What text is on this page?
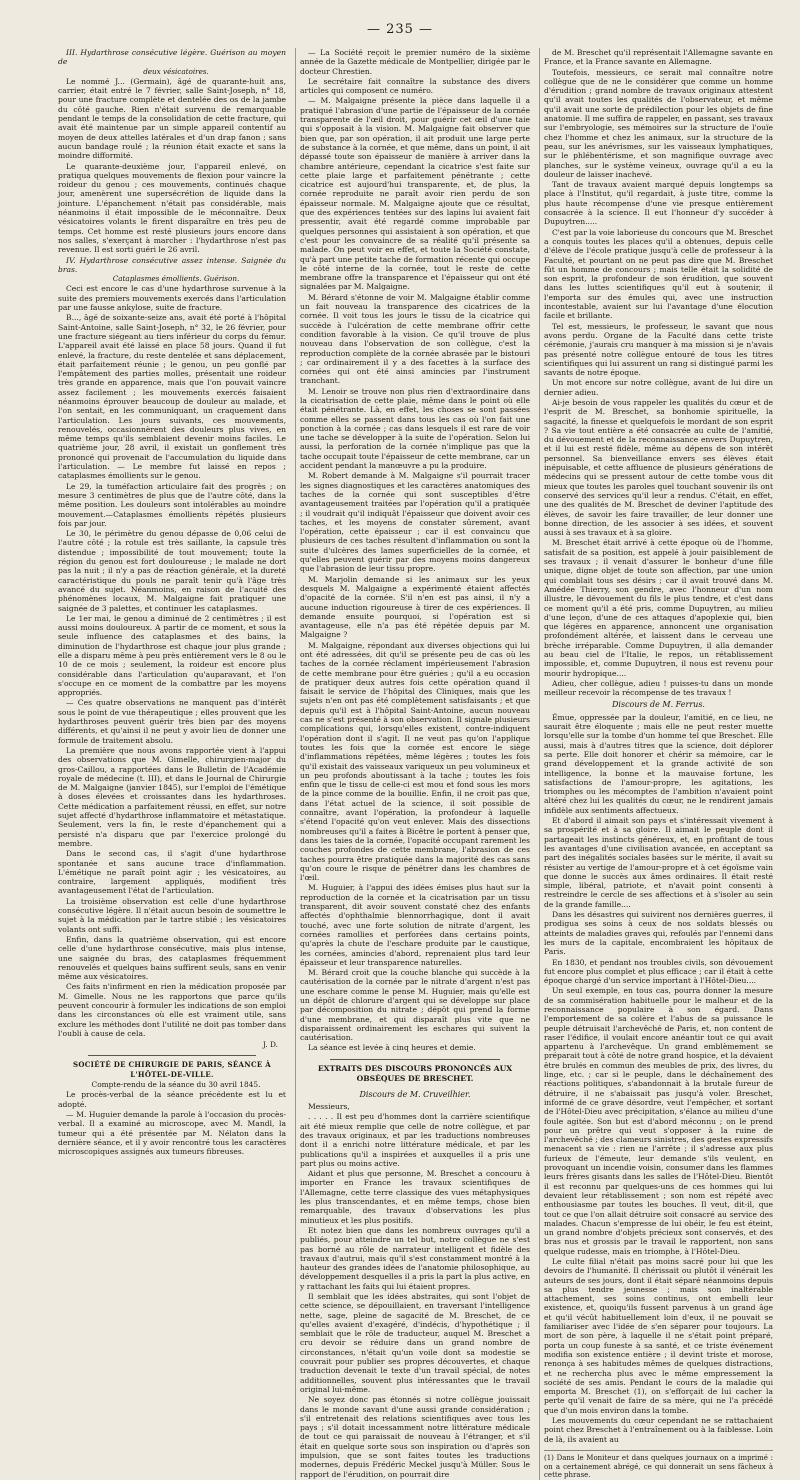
— 235 —

III. Hydarthrose consécutive légère. Guérison au moyen de
deux vésicatoires.

Le nommé J... (Germain), âgé de quarante-huit ans, carrier, était entré le 7 février, salle Saint-Joseph, n° 18, pour une fracture complète et dentelée des os de la jambe du côté gauche. Rien n'était survenu de remarquable pendant le temps de la consolidation de cette fracture, qui avait été maintenue par un simple appareil contentif au moyen de deux attelles latérales et d'un drap fanon ; sans aucun bandage roulé ; la réunion était exacte et sans la moindre difformité.

Le quarante-deuxième jour, l'appareil enlevé, on pratiqua quelques mouvements de flexion pour vaincre la roideur du genou ; ces mouvements, continués chaque jour, amenèrent une supersécrétion de liquide dans la jointure. L'épanchement n'était pas considérable, mais néanmoins il était impossible de le méconnaître. Deux vésicatoires volants le firent disparaître en très peu de temps. Cet homme est resté plusieurs jours encore dans nos salles, s'exerçant à marcher : l'hydarthrose n'est pas revenue. Il est sorti guéri le 26 avril.

IV. Hydarthrose consécutive assez intense. Saignée du bras.
Cataplasmes émollients. Guérison.

Ceci est encore le cas d'une hydarthrose survenue à la suite des premiers mouvements exercés dans l'articulation par une fausse ankylose, suite de fracture.

B..., âgé de soixante-seize ans, avait été porté à l'hôpital Saint-Antoine, salle Saint-Joseph, n° 32, le 26 février, pour une fracture siégeant au tiers inférieur du corps du fémur. L'appareil avait été laissé en place 58 jours. Quand il fut enlevé, la fracture, du reste dentelée et sans déplacement, était parfaitement réunie ; le genou, un peu gonflé par l'empâtement des parties molles, présentait une roideur très grande en apparence, mais que l'on pouvait vaincre assez facilement ; les mouvements exercés faisaient néanmoins éprouver beaucoup de douleur au malade, et l'on sentait, en les communiquant, un craquement dans l'articulation. Les jours suivants, ces mouvements, renouvelés, occasionnèrent des douleurs plus vives, en même temps qu'ils semblaient devenir moins faciles. Le quatrième jour, 28 avril, il existait un gonflement très prononcé qui provenait de l'accumulation du liquide dans l'articulation. — Le membre fut laissé en repos ; cataplasmes émollients sur le genou.

Le 29, la tuméfaction articulaire fait des progrès ; on mesure 3 centimètres de plus que de l'autre côté, dans la même position. Les douleurs sont intolérables au moindre mouvement.—Cataplasmes émollients répétés plusieurs fois par jour.

Le 30, le périmètre du genou dépasse de 0,06 celui de l'autre côté ; la rotule est très saillante, la capsule très distendue ; impossibilité de tout mouvement; toute la région du genou est fort douloureuse ; le malade ne dort pas la nuit ; il n'y a pas de réaction générale, et la dureté caractéristique du pouls ne paraît tenir qu'à l'âge très avancé du sujet. Néanmoins, en raison de l'acuité des phénomènes locaux, M. Malgaigne fait pratiquer une saignée de 3 palettes, et continuer les cataplasmes.

Le 1er mai, le genou a diminué de 2 centimètres ; il est aussi moins douloureux. A partir de ce moment, et sous la seule influence des cataplasmes et des bains, la diminution de l'hydarthrose est chaque jour plus grande ; elle a disparu même à peu près entièrement vers le 8 ou le 10 de ce mois ; seulement, la roideur est encore plus considérable dans l'articulation qu'auparavant, et l'on s'occupe en ce moment de la combattre par les moyens appropriés.

— Ces quatre observations ne manquent pas d'intérêt sous le point de vue thérapeutique ; elles prouvent que les hydarthroses peuvent guérir très bien par des moyens différents, et qu'ainsi il ne peut y avoir lieu de donner une formule de traitement absolu.

La première que nous avons rapportée vient à l'appui des observations que M. Gimelle, chirurgien-major du gros-Caillou, a rapportées dans le Bulletin de l'Académie royale de médecine (t. III), et dans le Journal de Chirurgie de M. Malgaigne (janvier 1845), sur l'emploi de l'émétique à doses élevées et croissantes dans les hydarthroses. Cette médication a parfaitement réussi, en effet, sur notre sujet affecté d'hydarthrose inflammatoire et métastatique. Seulement, vers la fin, le reste d'épanchement qui a persisté n'a disparu que par l'exercice prolongé du membre.

Dans le second cas, il s'agit d'une hydarthrose spontanée et sans aucune trace d'inflammation. L'émétique ne paraît point agir ; les vésicatoires, au contraire, largement appliqués, modifient très avantageusement l'état de l'articulation.

La troisième observation est celle d'une hydarthrose consécutive légère. Il n'était aucun besoin de soumettre le sujet à la médication par le tartre stibié ; les vésicatoires volants ont suffi.

Enfin, dans la quatrième observation, qui est encore celle d'une hydarthrose consécutive, mais plus intense, une saignée du bras, des cataplasmes fréquemment renouvelés et quelques bains suffirent seuls, sans en venir même aux vésicatoires.

Ces faits n'infirment en rien la médication proposée par M. Gimelle. Nous ne les rapportons que parce qu'ils peuvent concourir à formuler les indications de son emploi dans les circonstances où elle est vraiment utile, sans exclure les méthodes dont l'utilité ne doit pas tomber dans l'oubli à cause de cela.

J. D.

SOCIÉTÉ DE CHIRURGIE DE PARIS, SÉANCE À L'HÔTEL-DE-VILLE.

Compte-rendu de la séance du 30 avril 1845.

Le procès-verbal de la séance précédente est lu et adopté.

— M. Huguier demande la parole à l'occasion du procès-verbal. Il a examiné au microscope, avec M. Mandl, la tumeur qui a été présentée par M. Nélaton dans la dernière séance, et il y avoir rencontré tous les caractères microscopiques assignés aux tumeurs fibreuses.

— La Société reçoit le premier numéro de la sixième année de la Gazette médicale de Montpellier, dirigée par le docteur Chrestien.

Le secrétaire fait connaître la substance des divers articles qui composent ce numéro.

— M. Malgaigne présente la pièce dans laquelle il a pratiqué l'abrasion d'une partie de l'épaisseur de la cornée transparente de l'œil droit, pour guérir cet œil d'une taie qui s'opposait à la vision. M. Malgaigne fait observer que bien que, par son opération, il ait produit une large perte de substance à la cornée, et que même, dans un point, il ait dépassé toute son épaisseur de manière à arriver dans la chambre antérieure, cependant la cicatrice s'est faite sur cette plaie large et parfaitement pénétrante ; cette cicatrice est aujourd'hui transparente, et, de plus, la cornée reproduite ne paraît avoir rien perdu de son épaisseur normale. M. Malgaigne ajoute que ce résultat, que des expériences tentées sur des lapins lui avaient fait pressentir, avait été regardé comme improbable par quelques personnes qui assistaient à son opération, et que c'est pour les convaincre de sa réalité qu'il présente sa malade. On peut voir en effet, et toute la Société constate, qu'à part une petite tache de formation récente qui occupe le côté interne de la cornée, tout le reste de cette membrane offre la transparence et l'épaisseur qui ont été signalées par M. Malgaigne.

M. Bérard s'étonne de voir M. Malgaigne établir comme un fait nouveau la transparence des cicatrices de la cornée. Il voit tous les jours le tissu de la cicatrice qui succède à l'ulcération de cette membrane offrir cette condition favorable à la vision. Ce qu'il trouve de plus nouveau dans l'observation de son collègue, c'est la reproduction complète de la cornée abrasée par le bistouri ; car ordinairement il y a des facettes à la surface des cornées qui ont été ainsi amincies par l'instrument tranchant.

M. Lenoir se trouve non plus rien d'extraordinaire dans la cicatrisation de cette plaie, même dans le point où elle était pénétrante. Là, en effet, les choses se sont passées comme elles se passent dans tous les cas où l'on fait une ponction à la cornée ; cas dans lesquels il est rare de voir une tache se développer à la suite de l'opération. Selon lui aussi, la perforation de la cornée n'implique pas que la tache occupait toute l'épaisseur de cette membrane, car un accident pendant la manœuvre a pu la produire.

M. Robert demande à M. Malgaigne s'il pourrait tracer les signes diagnostiques et les caractères anatomiques des taches de la cornée qui sont susceptibles d'être avantageusement traitées par l'opération qu'il a pratiquée ; il voudrait qu'il indiquât l'épaisseur que doivent avoir ces taches, et les moyens de constater sûrement, avant l'opération, cette épaisseur ; car il est convaincu que plusieurs de ces taches résultent d'inflammation ou sont la suite d'ulcères des lames superficielles de la cornée, et qu'elles peuvent guérir par des moyens moins dangereux que l'abrasion de leur tissu propre.

M. Marjolin demande si les animaux sur les yeux desquels M. Malgaigne a expérimenté étaient affectés d'opacité de la cornée. S'il n'en est pas ainsi, il n'y a aucune induction rigoureuse à tirer de ces expériences. Il demande ensuite pourquoi, si l'opération est si avantageuse, elle n'a pas été répétée depuis par M. Malgaigne ?

M. Malgaigne, répondant aux diverses objections qui lui ont été adressées, dit qu'il se présente peu de cas où les taches de la cornée réclament impérieusement l'abrasion de cette membrane pour être guéries ; qu'il a eu occasion de pratiquer deux autres fois cette opération quand il faisait le service de l'hôpital des Cliniques, mais que les sujets n'en ont pas été complètement satisfaisants ; et que depuis qu'il est à l'hôpital Saint-Antoine, aucun nouveau cas ne s'est présenté à son observation. Il signale plusieurs complications qui, lorsqu'elles existent, contre-indiquent l'opération dont il s'agit. Il ne veut pas qu'on l'applique toutes les fois que la cornée est encore le siège d'inflammations répétées, même légères ; toutes les fois qu'il existait des vaisseaux variqueux un peu volumineux et un peu profonds aboutissant à la tache ; toutes les fois enfin que le tissu de celle-ci est mou et fond sous les mors de la pince comme de la bouillie. Enfin, il ne croit pas que, dans l'état actuel de la science, il soit possible de connaître, avant l'opération, la profondeur à laquelle s'étend l'opacité qu'on veut enlever. Mais des dissections nombreuses qu'il a faites à Bicêtre le portent à penser que, dans les taies de la cornée, l'opacité occupant rarement les couches profondes de cette membrane, l'abrasion de ces taches pourra être pratiquée dans la majorité des cas sans qu'on coure le risque de pénétrer dans les chambres de l'œil.

M. Huguier, à l'appui des idées émises plus haut sur la reproduction de la cornée et la cicatrisation par un tissu transparent, dit avoir souvent constaté chez des enfants affectés d'ophthalmie blennorrhagique, dont il avait touché, avec une forte solution de nitrate d'argent, les cornées ramollies et perforées dans certains points, qu'après la chute de l'eschare produite par le caustique, les cornées, amincies d'abord, reprenaient plus tard leur épaisseur et leur transparence naturelles.

M. Bérard croit que la couche blanche qui succède à la cautérisation de la cornée par le nitrate d'argent n'est pas une eschare comme le pense M. Huguier, mais qu'elle est un dépôt de chlorure d'argent qui se développe sur place par décomposition du nitrate ; dépôt qui prend la forme d'une membrane, et qui disparaît plus vite que ne disparaissent ordinairement les eschares qui suivent la cautérisation.

La séance est levée à cinq heures et demie.

EXTRAITS DES DISCOURS PRONONCÉS AUX OBSÈQUES DE BRESCHET.
Discours de M. Cruveilhier.

Messieurs,

. . . . . Il est peu d'hommes dont la carrière scientifique ait été mieux remplie que celle de notre collègue, et par des travaux originaux, et par les traductions nombreuses dont il a enrichi notre littérature médicale, et par les publications qu'il a inspirées et auxquelles il a pris une part plus ou moins active.

Aidant et plus que personne, M. Breschet a concouru à importer en France les travaux scientifiques de l'Allemagne, cette terre classique des vues métaphysiques les plus transcendantes, et en même temps, chose bien remarquable, des travaux d'observations les plus minutieux et les plus positifs.

Et notez bien que dans les nombreux ouvrages qu'il a publiés, pour atteindre un tel but, notre collègue ne s'est pas borné au rôle de narrateur intelligent et fidèle des travaux d'autrui, mais qu'il s'est constamment montré à la hauteur des grandes idées de l'anatomie philosophique, au développement desquelles il a pris la part la plus active, en y rattachant les faits qui lui étaient propres.

Il semblait que les idées abstraites, qui sont l'objet de cette science, se dépouillaient, en traversant l'intelligence nette, sage, pleine de sagacité de M. Breschet, de ce qu'elles avaient d'exagéré, d'indécis, d'hypothétique ; il semblait que le rôle de traducteur, auquel M. Breschet a cru devoir se réduire dans un grand nombre de circonstances, n'était qu'un voile dont sa modestie se couvrait pour publier ses propres découvertes, et chaque traduction devenait le texte d'un travail spécial, de notes additionnelles, souvent plus intéressantes que le travail original lui-même.

Ne soyez donc pas étonnés si notre collègue jouissait dans le monde savant d'une aussi grande considération ; s'il entretenait des relations scientifiques avec tous les pays ; s'il dotait incessamment notre littérature médicale de tout ce qui paraissait de nouveau à l'étranger, et s'il était en quelque sorte sous son inspiration ou d'après son impulsion, que se sont faites toutes les traductions modernes, depuis Frédéric Meckel jusqu'à Müller. Sous le rapport de l'érudition, on pourrait dire

de M. Breschet qu'il représentait l'Allemagne savante en France, et la France savante en Allemagne.

Toutefois, messieurs, ce serait mal connaître notre collègue que de ne le considérer que comme un homme d'érudition ; grand nombre de travaux originaux attestent qu'il avait toutes les qualités de l'observateur, et même qu'il avait une sorte de prédilection pour les objets de fine anatomie. Il me suffira de rappeler, en passant, ses travaux sur l'embryologie, ses mémoires sur la structure de l'ouïe chez l'homme et chez les animaux, sur la structure de la peau, sur les anévrismes, sur les vaisseaux lymphatiques, sur le phlébentérisme, et son magnifique ouvrage avec planches, sur le système veineux, ouvrage qu'il a eu la douleur de laisser inachevé.

Tant de travaux avaient marqué depuis longtemps sa place à l'Institut, qu'il regardait, à juste titre, comme la plus haute récompense d'une vie presque entièrement consacrée à la science. Il eut l'honneur d'y succéder à Dupuytren.....

C'est par la voie laborieuse du concours que M. Breschet a conquis toutes les places qu'il a obtenues, depuis celle d'élève de l'école pratique jusqu'à celle de professeur à la Faculté, et pourtant on ne peut pas dire que M. Breschet fût un homme de concours ; mais telle était la solidité de son esprit, la profondeur de son érudition, que souvent dans les luttes scientifiques qu'il eut à soutenir, il l'emporta sur des émules qui, avec une instruction incontestable, avaient sur lui l'avantage d'une élocution facile et brillante.

Tel est, messieurs, le professeur, le savant que nous avons perdu. Organe de la Faculté dans cette triste cérémonie, j'aurais cru manquer à ma mission si je n'avais pas présenté notre collègue entouré de tous les titres scientifiques qui lui assurent un rang si distingué parmi les savants de notre époque.

Un mot encore sur notre collègue, avant de lui dire un dernier adieu.

Ai-je besoin de vous rappeler les qualités du cœur et de l'esprit de M. Breschet, sa bonhomie spirituelle, la sagacité, la finesse et quelquefois le mordant de son esprit ? Sa vie tout entière a été consacrée au culte de l'amitié, du dévouement et de la reconnaissance envers Dupuytren, et il lui est resté fidèle, même au dépens de son intérêt personnel. Sa bienveillance envers ses élèves était inépuisable, et cette affluence de plusieurs générations de médecins qui se pressent autour de cette tombe vous dit mieux que toutes les paroles quel touchant souvenir ils ont conservé des services qu'il leur a rendus. C'était, en effet, une des qualités de M. Breschet de deviner l'aptitude des élèves, de savoir les faire travailler, de leur donner une bonne direction, de les associer à ses idées, et souvent aussi à ses travaux et à sa gloire.

M. Breschet était arrivé à cette époque où de l'homme, satisfait de sa position, est appelé à jouir paisiblement de ses travaux ; il venait d'assurer le bonheur d'une fille unique, digne objet de toute son affection, par une union qui comblait tous ses désirs ; car il avait trouvé dans M. Amédée Thierry, son gendre, avec l'honneur d'un nom illustre, le dévouement du fils le plus tendre, et c'est dans ce moment qu'il a été pris, comme Dupuytren, au milieu d'une leçon, d'une de ces attaques d'apoplexie qui, bien que légères en apparence, annoncent une organisation profondément altérée, et laissent dans le cerveau une brèche irréparable. Comme Dupuytren, il alla demander au beau ciel de l'Italie, le repos, un rétablissement impossible, et, comme Dupuytren, il nous est revenu pour mourir hydropique....

Adieu, cher collègue, adieu ! puisses-tu dans un monde meilleur recevoir la récompense de tes travaux !

Discours de M. Ferrus.

Émue, oppressée par la douleur, l'amitié, en ce lieu, ne saurait être éloquente ; mais elle ne peut rester muette lorsqu'elle sur la tombe d'un homme tel que Breschet. Elle aussi, mais à d'autres titres que la science, doit déplorer sa perte. Elle doit honorer et chérir sa mémoire, car le grand développement et la grande activité de son intelligence, la bonne et la mauvaise fortune, les satisfactions de l'amour-propre, les agitations, les triomphes ou les mécomptes de l'ambition n'avaient point altéré chez lui les qualités du cœur, ne le rendirent jamais infidèle aux sentiments affectueux.

Et d'abord il aimait son pays et s'intéressait vivement à sa prospérité et à sa gloire. Il aimait le peuple dont il partageait les instincts généreux, et, en profitant de tous les avantages d'une civilisation avancée, en acceptant sa part des inégalités sociales basées sur le mérite, il avait su résister au vertige de l'amour-propre et à cet égoïsme vain que donne le succès aux âmes ordinaires. Il était resté simple, libéral, patriote, et n'avait point consenti à restreindre le cercle de ses affections et à s'isoler au sein de la grande famille....

Dans les désastres qui suivirent nos dernières guerres, il prodigua ses soins à ceux de nos soldats blessés ou atteints de maladies graves qui, refoulés par l'ennemi dans les murs de la capitale, encombraient les hôpitaux de Paris.

En 1830, et pendant nos troubles civils, son dévouement fut encore plus complet et plus efficace ; car il était à cette époque chargé d'un service important à l'Hôtel-Dieu....

Un seul exemple, en tous cas, pourra donner la mesure de sa commisération habituelle pour le malheur et de la reconnaissance populaire à son égard. Dans l'emportement de sa colère et l'abus de sa puissance le peuple détruisait l'archevêché de Paris, et, non content de raser l'édifice, il voulait encore anéantir tout ce qui avait appartenu à l'archevêque. Un grand emblèmement se préparait tout à côté de notre grand hospice, et la dévaient être brulés en commun des meubles de prix, des livres, du linge, etc. ; car si le peuple, dans le déchaînement des réactions politiques, s'abandonnait à la brutale fureur de détruire, il ne s'abaissait pas jusqu'à voler. Breschet, informé de ce grave désordre, veut l'empêcher, et sortant de l'Hôtel-Dieu avec précipitation, s'élance au milieu d'une foule agitée. Son but est d'abord méconnu ; on le prend pour un prêtre qui veut s'opposer à la ruine de l'archevêché ; des clameurs sinistres, des gestes expressifs menacent sa vie : rien ne l'arrête ; il s'adresse aux plus furieux de l'émeute, leur demande s'ils veulent, en provoquant un incendie voisin, consumer dans les flammes leurs frères gisants dans les salles de l'Hôtel-Dieu. Bientôt il est reconnu par quelques-uns de ces hommes qui lui devaient leur rétablissement ; son nom est répété avec enthousiasme par toutes les bouches. Il veut, dit-il, que tout ce que l'on allait détruire soit consacré au service des malades. Chacun s'empresse de lui obéir, le feu est éteint, un grand nombre d'objets précieux sont conservés, et des bras nus et grossis par le travail le rapportent, non sans quelque rudesse, mais en triomphe, à l'Hôtel-Dieu.

Le culte filial n'était pas moins sacré pour lui que les devoirs de l'humanité. Il chérissait ou plutôt il vénérait les auteurs de ses jours, dont il était séparé néanmoins depuis sa plus tendre jeunesse ; mais son inaltérable attachement, ses soins continus, ont embelli leur existence, et, quoiqu'ils fussent parvenus à un grand âge et qu'il vécût habituellement loin d'eux, il ne pouvait se familiariser avec l'idée de s'en séparer pour toujours. La mort de son père, à laquelle il ne s'était point préparé, porta un coup funeste à sa santé, et ce triste événement modifia son existence entière ; il devint triste et morose, renonça à ses habitudes mêmes de quelques distractions, et ne rechercha plus avec le même empressement la société de ses amis. Pendant le cours de la maladie qui emporta M. Breschet (1), on s'efforçait de lui cacher la perte qu'il venait de faire de sa mère, qui ne l'a précédé que d'un mois environ dans la tombe.

Les mouvements du cœur cependant ne se rattachaient point chez Breschet à l'entraînement ou à la faiblesse. Loin de là, ils avaient au

(1) Dans le Moniteur et dans quelques journaux on a imprimé : on a certainement abrégé, ce qui donnerait un sens fâcheux à cette phrase.
